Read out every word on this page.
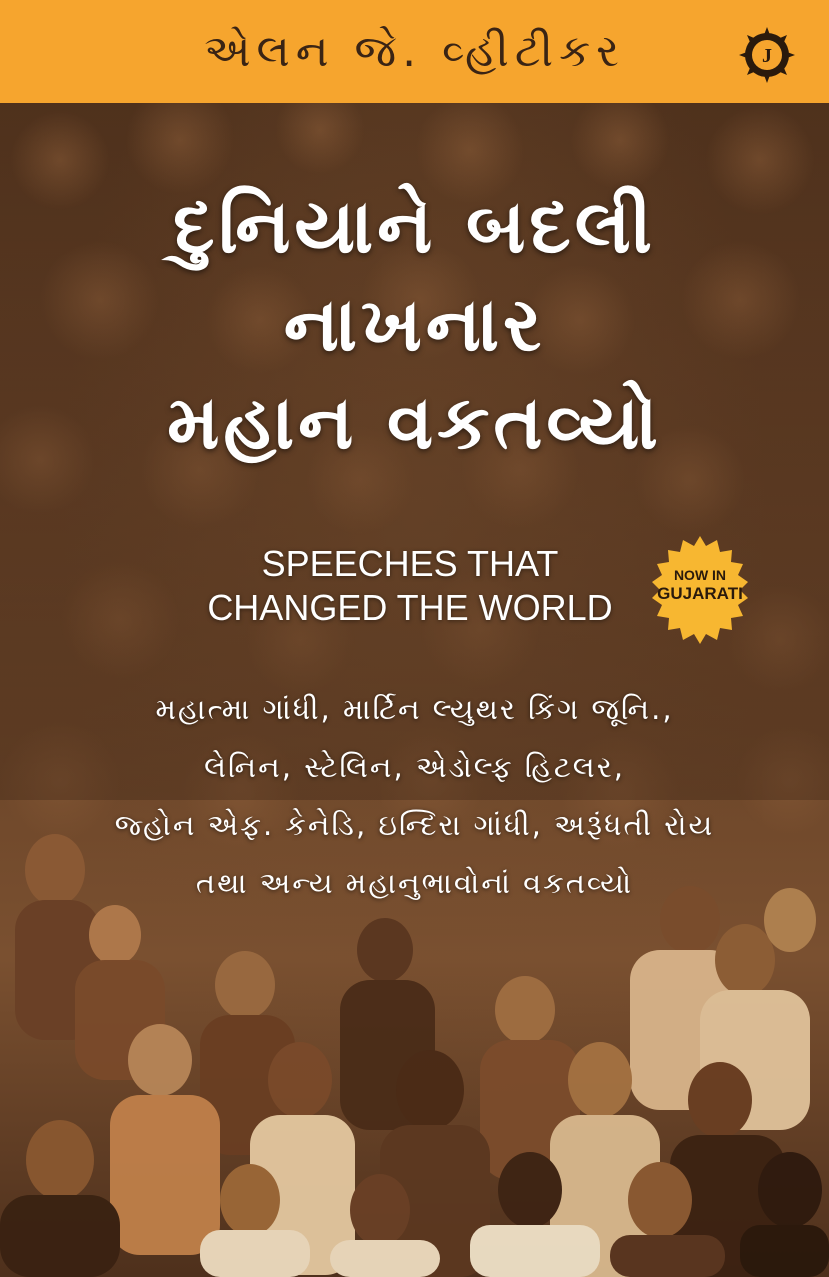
એલન જે. વ્હીટીકર	J
દુનિયાને બદલી
નાખનાર
મહાન વકતવ્યો
SPEECHES THAT
CHANGED THE WORLD
NOW IN
GUJARATI
મહાત્મા ગાંધી, માર્ટિન લ્યુથર કિંગ જૂનિ.,
લેનિન, સ્ટેલિન, એડોલ્ફ હિટલર,
જ્હોન એફ. કેનેડિ, ઇન્દિરા ગાંધી, અરૂંધતી રોય
તથા અન્ય મહાનુભાવોનાં વકતવ્યો
